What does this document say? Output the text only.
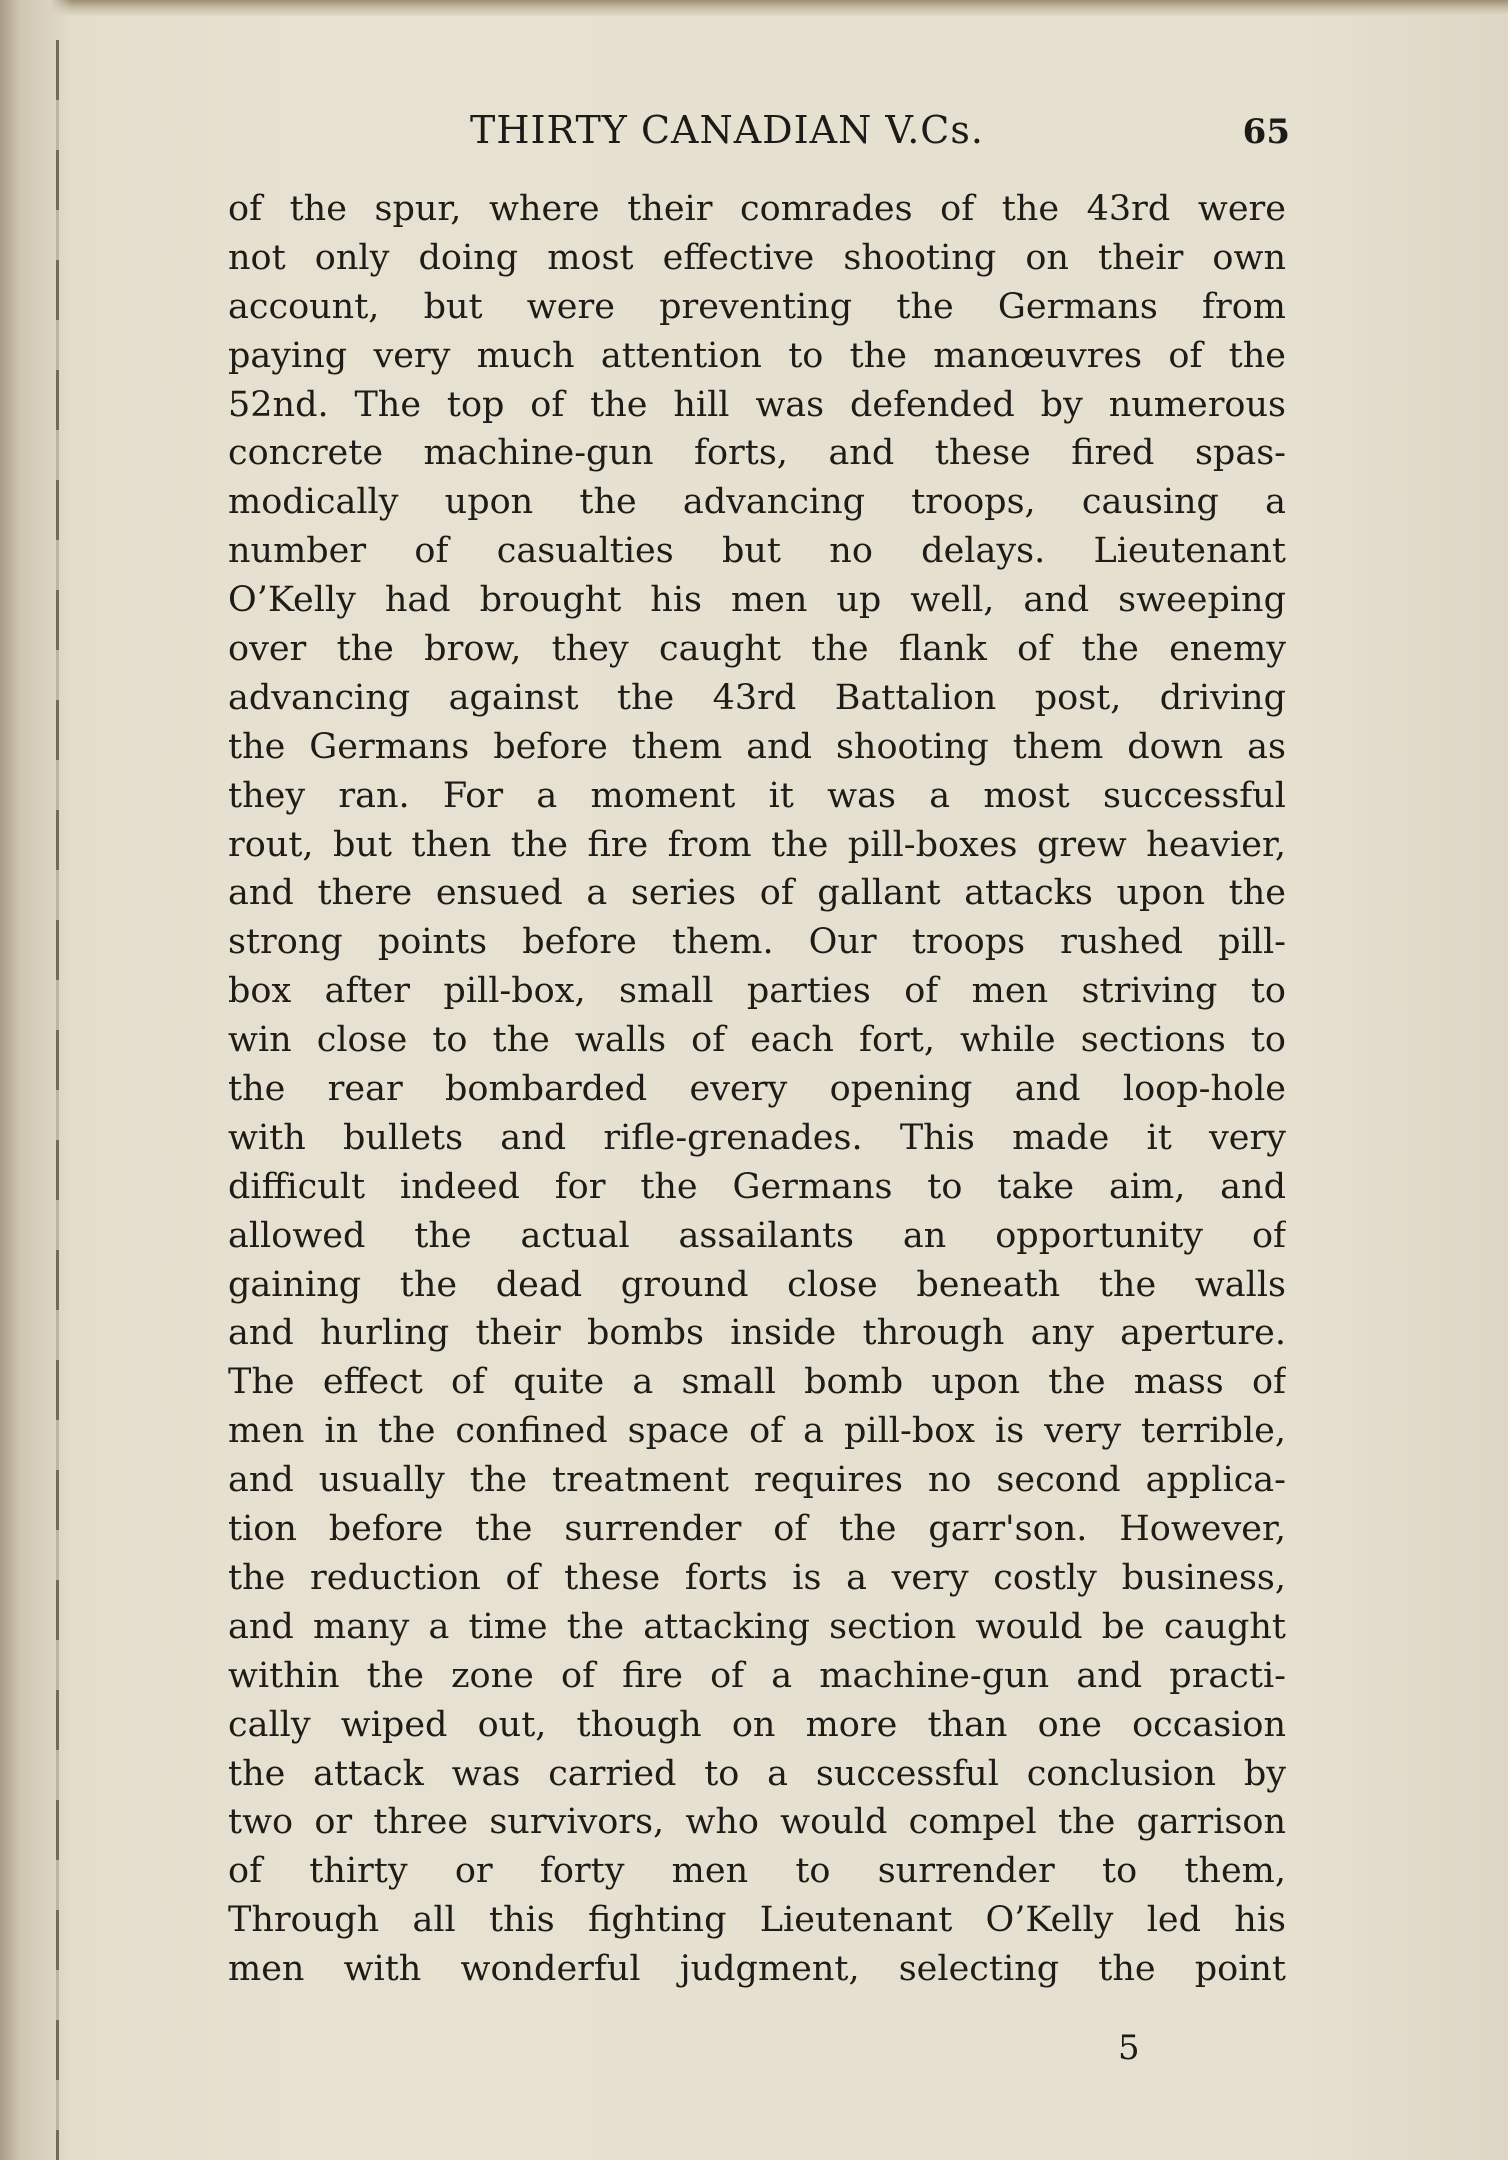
THIRTY CANADIAN V.Cs.	65
of the spur, where their comrades of the 43rd were
not only doing most effective shooting on their own
account, but were preventing the Germans from
paying very much attention to the manœuvres of the
52nd. The top of the hill was defended by numerous
concrete machine-gun forts, and these fired spas-
modically upon the advancing troops, causing a
number of casualties but no delays. Lieutenant
O’Kelly had brought his men up well, and sweeping
over the brow, they caught the flank of the enemy
advancing against the 43rd Battalion post, driving
the Germans before them and shooting them down as
they ran. For a moment it was a most successful
rout, but then the fire from the pill-boxes grew heavier,
and there ensued a series of gallant attacks upon the
strong points before them. Our troops rushed pill-
box after pill-box, small parties of men striving to
win close to the walls of each fort, while sections to
the rear bombarded every opening and loop-hole
with bullets and rifle-grenades. This made it very
difficult indeed for the Germans to take aim, and
allowed the actual assailants an opportunity of
gaining the dead ground close beneath the walls
and hurling their bombs inside through any aperture.
The effect of quite a small bomb upon the mass of
men in the confined space of a pill-box is very terrible,
and usually the treatment requires no second applica-
tion before the surrender of the garr'son. However,
the reduction of these forts is a very costly business,
and many a time the attacking section would be caught
within the zone of fire of a machine-gun and practi-
cally wiped out, though on more than one occasion
the attack was carried to a successful conclusion by
two or three survivors, who would compel the garrison
of thirty or forty men to surrender to them,
Through all this fighting Lieutenant O’Kelly led his
men with wonderful judgment, selecting the point
5
